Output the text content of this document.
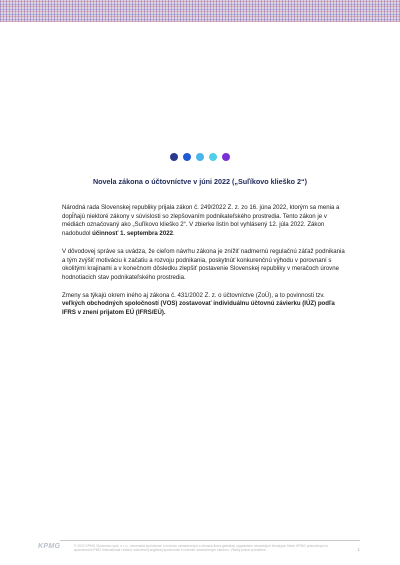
Novela zákona o účtovníctve v júni 2022 („Suľíkovo klieško 2“)

Národná rada Slovenskej republiky prijala zákon č. 249/2022 Z. z. zo 16. júna 2022, ktorým sa menia a dopĺňajú niektoré zákony v súvislosti so zlepšovaním podnikateľského prostredia. Tento zákon je v médiách označovaný ako „Suľíkovo klieško 2“. V zbierke listín bol vyhlásený 12. júla 2022. Zákon nadobudol účinnosť 1. septembra 2022.

V dôvodovej správe sa uvádza, že cieľom návrhu zákona je znížiť nadmernú regulačnú záťaž podnikania a tým zvýšiť motiváciu k začatiu a rozvoju podnikania, poskytnúť konkurenčnú výhodu v porovnaní s okolitými krajinami a v konečnom dôsledku zlepšiť postavenie Slovenskej republiky v meračoch úrovne hodnotiacich stav podnikateľského prostredia.

Zmeny sa týkajú okrem iného aj zákona č. 431/2002 Z. z. o účtovníctve (ZoÚ), a to povinnosti tzv. veľkých obchodných spoločností (VOS) zostavovať individuálnu účtovnú závierku (IÚZ) podľa IFRS v znení prijatom EÚ (IFRS/EÚ).

KPMG	© 2022 KPMG Slovensko spol. s r. o., slovenská spoločnosť s ručením obmedzeným a členská firma globálnej organizácie nezávislých členských firiem KPMG pridružených k spoločnosti KPMG International Limited, súkromnej anglickej spoločnosti s ručením obmedzeným zárukou. Všetky práva vyhradené.	1
